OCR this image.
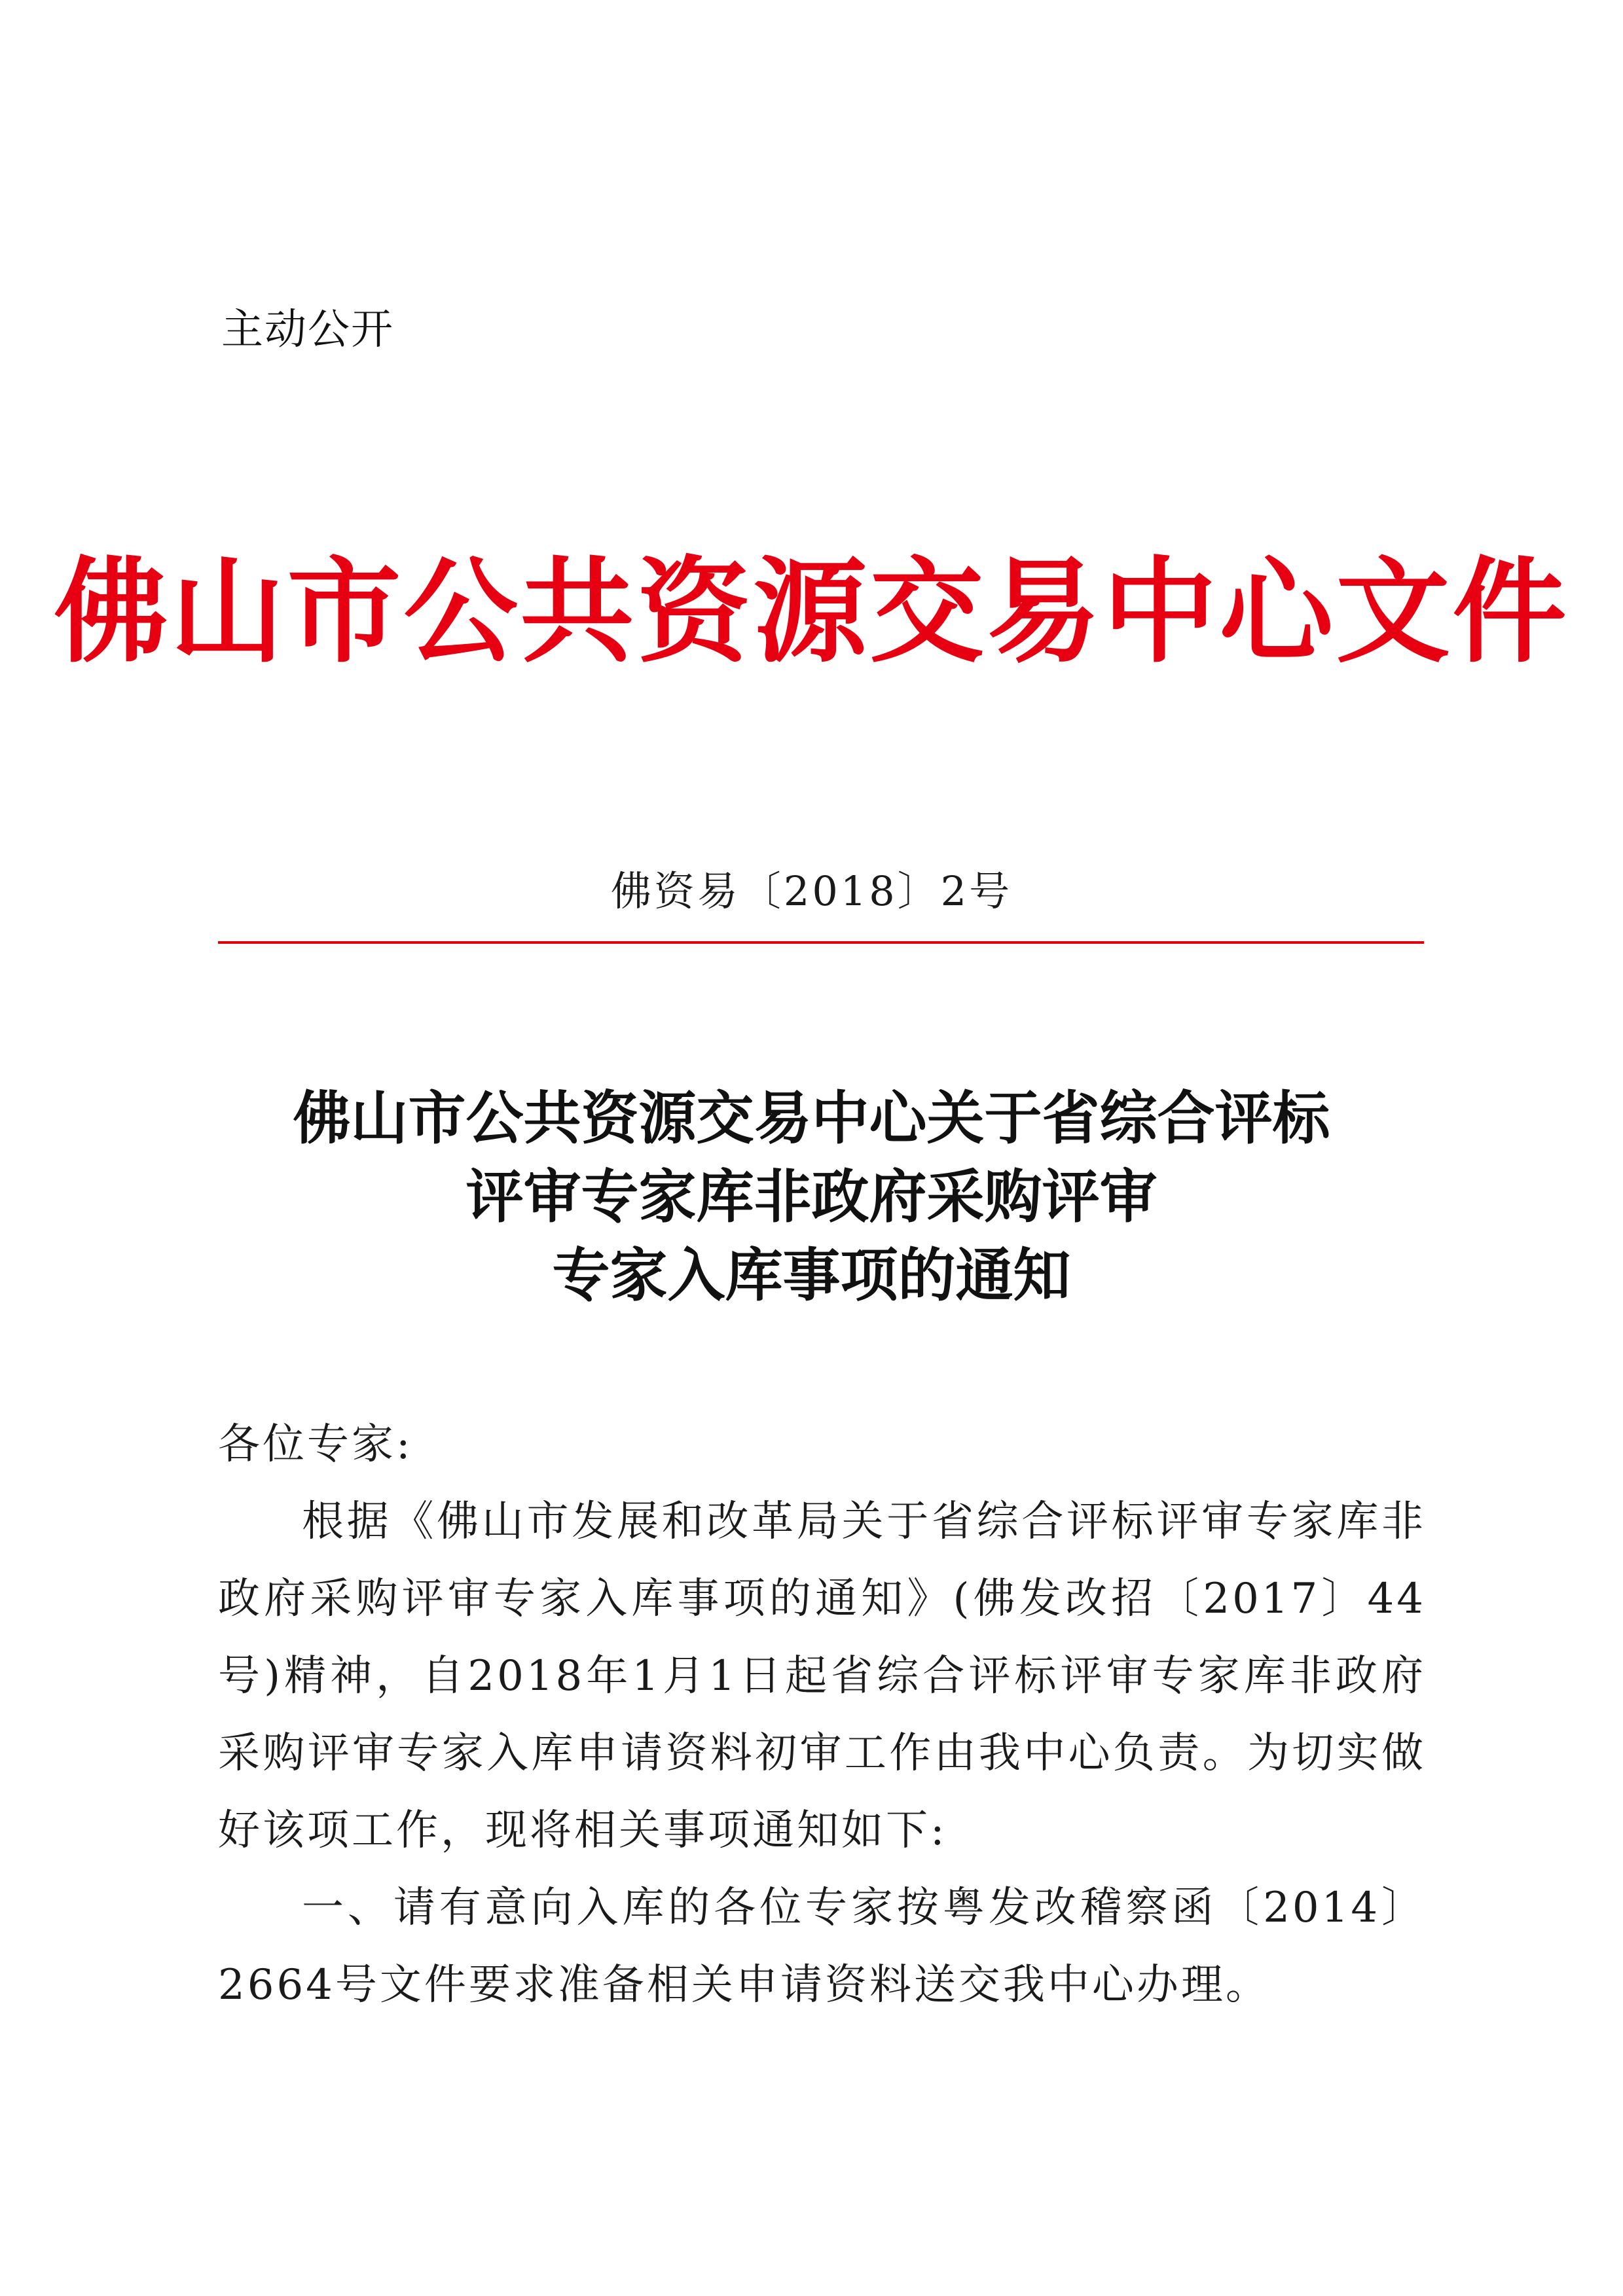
主动公开
佛山市公共资源交易中心文件
佛资易〔2018〕2号
佛山市公共资源交易中心关于省综合评标
评审专家库非政府采购评审
专家入库事项的通知

各位专家:

根据《佛山市发展和改革局关于省综合评标评审专家库非政府采购评审专家入库事项的通知》(佛发改招〔2017〕44号)精神，自2018年1月1日起省综合评标评审专家库非政府采购评审专家入库申请资料初审工作由我中心负责。为切实做好该项工作，现将相关事项通知如下:

一、请有意向入库的各位专家按粤发改稽察函〔2014〕2664号文件要求准备相关申请资料送交我中心办理。
